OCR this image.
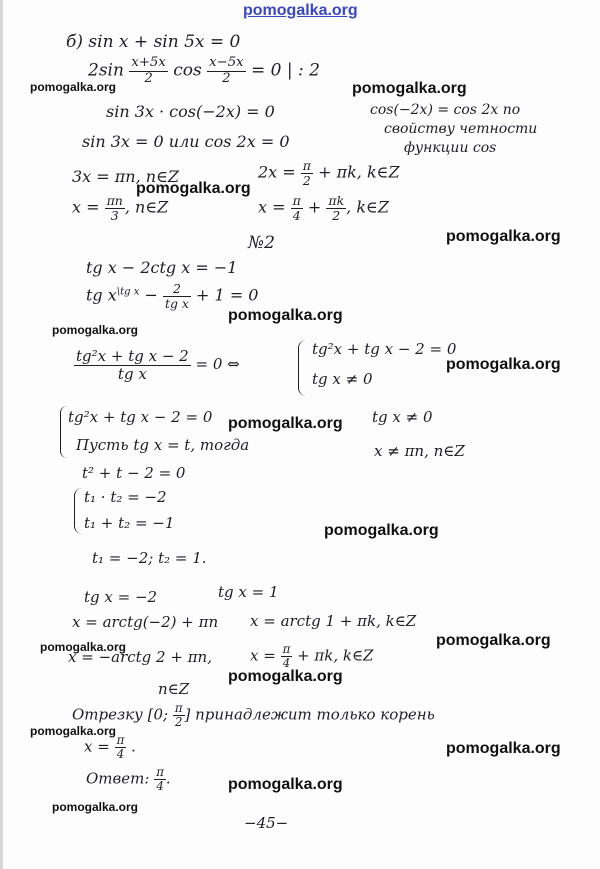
pomogalka.org
б) sin x + sin 5x = 0
$2\sin \frac{x+5x}{2}$ $\cos \frac{x-5x}{2} = 0$ | : 2
pomogalka.org	pomogalka.org
sin 3x · cos(−2x) = 0	cos(−2x) = cos 2x по
свойству четности
функции cos
sin 3x = 0 или cos 2x = 0
3x = πn, n∈Z	$2x = \frac{\pi}{2} + \pi k$, k∈Z
pomogalka.org
$x = \frac{\pi n}{3}$ , n∈Z	$x = \frac{\pi}{4} + \frac{\pi k}{2}$ , k∈Z
pomogalka.org
№2
tg x − 2ctg x = −1
tg $x^{\backslash tg x} - \frac{2}{\text{tg x}} + 1 = 0$
pomogalka.org
pomogalka.org
$\frac{\text{tg²x + tg x − 2}}{\text{tg x}} = 0$ ⇔
tg²x + tg x − 2 = 0
tg x ≠ 0
pomogalka.org
tg²x + tg x − 2 = 0 pomogalka.org tg x ≠ 0
Пусть tg x = t, тогда	x ≠ πn, n∈Z
t² + t − 2 = 0
t₁ · t₂ = −2
t₁ + t₂ = −1	pomogalka.org
t₁ = −2; t₂ = 1.
tg x = −2	tg x = 1
x = arctg(−2) + πn x = arctg 1 + πk, k∈Z
pomogalka.org
pomogalka.org
x = −arctg 2 + πn,	$x = \frac{\pi}{4} + \pi k$, k∈Z
pomogalka.org
n∈Z
Отрезку [0; $\frac{\pi}{2}$ ] принадлежит только корень
pomogalka.org
$x = \frac{\pi}{4}$ .	pomogalka.org
Ответ: $\frac{\pi}{4}$ .	pomogalka.org
pomogalka.org
−45−
